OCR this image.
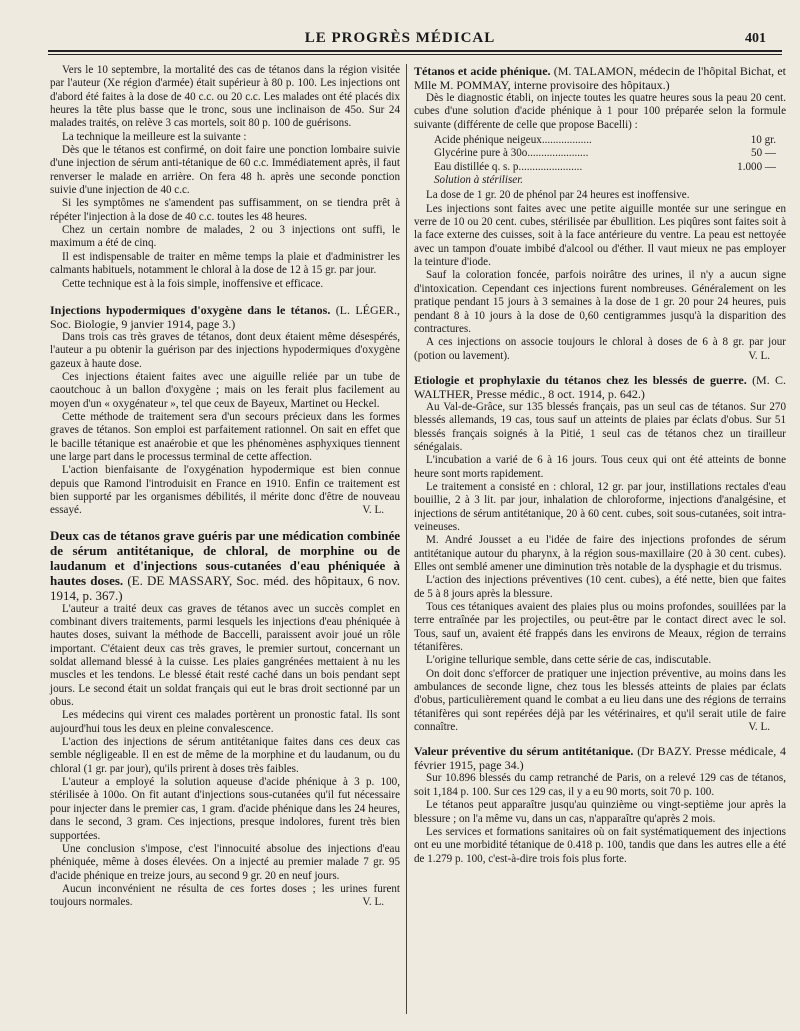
LE PROGRÈS MÉDICAL	401

Vers le 10 septembre, la mortalité des cas de tétanos dans la région visitée par l'auteur (Xe région d'armée) était supérieur à 80 p. 100. Les injections ont d'abord été faites à la dose de 40 c.c. ou 20 c.c. Les malades ont été placés dix heures la tête plus basse que le tronc, sous une inclinaison de 45o. Sur 24 malades traités, on relève 3 cas mortels, soit 80 p. 100 de guérisons.

La technique la meilleure est la suivante :

Dès que le tétanos est confirmé, on doit faire une ponction lombaire suivie d'une injection de sérum anti-tétanique de 60 c.c. Immédiatement après, il faut renverser le malade en arrière. On fera 48 h. après une seconde ponction suivie d'une injection de 40 c.c.

Si les symptômes ne s'amendent pas suffisamment, on se tiendra prêt à répéter l'injection à la dose de 40 c.c. toutes les 48 heures.

Chez un certain nombre de malades, 2 ou 3 injections ont suffi, le maximum a été de cinq.

Il est indispensable de traiter en même temps la plaie et d'administrer les calmants habituels, notamment le chloral à la dose de 12 à 15 gr. par jour.

Cette technique est à la fois simple, inoffensive et efficace.

Injections hypodermiques d'oxygène dans le tétanos. (L. LÉGER., Soc. Biologie, 9 janvier 1914, page 3.)

Dans trois cas très graves de tétanos, dont deux étaient même désespérés, l'auteur a pu obtenir la guérison par des injections hypodermiques d'oxygène gazeux à haute dose.

Ces injections étaient faites avec une aiguille reliée par un tube de caoutchouc à un ballon d'oxygène ; mais on les ferait plus facilement au moyen d'un « oxygénateur », tel que ceux de Bayeux, Martinet ou Heckel.

Cette méthode de traitement sera d'un secours précieux dans les formes graves de tétanos. Son emploi est parfaitement rationnel. On sait en effet que le bacille tétanique est anaérobie et que les phénomènes asphyxiques tiennent une large part dans le processus terminal de cette affection.

L'action bienfaisante de l'oxygénation hypodermique est bien connue depuis que Ramond l'introduisit en France en 1910. Enfin ce traitement est bien supporté par les organismes débilités, il mérite donc d'être de nouveau essayé.	V. L.

Deux cas de tétanos grave guéris par une médication combinée de sérum antitétanique, de chloral, de morphine ou de laudanum et d'injections sous-cutanées d'eau phéniquée à hautes doses. (E. DE MASSARY, Soc. méd. des hôpitaux, 6 nov. 1914, p. 367.)

L'auteur a traité deux cas graves de tétanos avec un succès complet en combinant divers traitements, parmi lesquels les injections d'eau phéniquée à hautes doses, suivant la méthode de Baccelli, paraissent avoir joué un rôle important. C'étaient deux cas très graves, le premier surtout, concernant un soldat allemand blessé à la cuisse. Les plaies gangrénées mettaient à nu les muscles et les tendons. Le blessé était resté caché dans un bois pendant sept jours. Le second était un soldat français qui eut le bras droit sectionné par un obus.

Les médecins qui virent ces malades portèrent un pronostic fatal. Ils sont aujourd'hui tous les deux en pleine convalescence.

L'action des injections de sérum antitétanique faites dans ces deux cas semble négligeable. Il en est de même de la morphine et du laudanum, ou du chloral (1 gr. par jour), qu'ils prirent à doses très faibles.

L'auteur a employé la solution aqueuse d'acide phénique à 3 p. 100, stérilisée à 100o. On fit autant d'injections sous-cutanées qu'il fut nécessaire pour injecter dans le premier cas, 1 gram. d'acide phénique dans les 24 heures, dans le second, 3 gram. Ces injections, presque indolores, furent très bien supportées.

Une conclusion s'impose, c'est l'innocuité absolue des injections d'eau phéniquée, même à doses élevées. On a injecté au premier malade 7 gr. 95 d'acide phénique en treize jours, au second 9 gr. 20 en neuf jours.

Aucun inconvénient ne résulta de ces fortes doses ; les urines furent toujours normales.	V. L.

Tétanos et acide phénique. (M. TALAMON, médecin de l'hôpital Bichat, et Mlle M. POMMAY, interne provisoire des hôpitaux.)

Dès le diagnostic établi, on injecte toutes les quatre heures sous la peau 20 cent. cubes d'une solution d'acide phénique à 1 pour 100 préparée selon la formule suivante (différente de celle que propose Bacelli) :

Acide phénique neigeux..................	10 gr.
Glycérine pure à 30o......................	50 —
Eau distillée q. s. p.......................	1.000 —
Solution à stériliser.

La dose de 1 gr. 20 de phénol par 24 heures est inoffensive.

Les injections sont faites avec une petite aiguille montée sur une seringue en verre de 10 ou 20 cent. cubes, stérilisée par ébullition. Les piqûres sont faites soit à la face externe des cuisses, soit à la face antérieure du ventre. La peau est nettoyée avec un tampon d'ouate imbibé d'alcool ou d'éther. Il vaut mieux ne pas employer la teinture d'iode.

Sauf la coloration foncée, parfois noirâtre des urines, il n'y a aucun signe d'intoxication. Cependant ces injections furent nombreuses. Généralement on les pratique pendant 15 jours à 3 semaines à la dose de 1 gr. 20 pour 24 heures, puis pendant 8 à 10 jours à la dose de 0,60 centigrammes jusqu'à la disparition des contractures.

A ces injections on associe toujours le chloral à doses de 6 à 8 gr. par jour (potion ou lavement).	V. L.

Etiologie et prophylaxie du tétanos chez les blessés de guerre. (M. C. WALTHER, Presse médic., 8 oct. 1914, p. 642.)

Au Val-de-Grâce, sur 135 blessés français, pas un seul cas de tétanos. Sur 270 blessés allemands, 19 cas, tous sauf un atteints de plaies par éclats d'obus. Sur 51 blessés français soignés à la Pitié, 1 seul cas de tétanos chez un tirailleur sénégalais.

L'incubation a varié de 6 à 16 jours. Tous ceux qui ont été atteints de bonne heure sont morts rapidement.

Le traitement a consisté en : chloral, 12 gr. par jour, instillations rectales d'eau bouillie, 2 à 3 lit. par jour, inhalation de chloroforme, injections d'analgésine, et injections de sérum antitétanique, 20 à 60 cent. cubes, soit sous-cutanées, soit intra-veineuses.

M. André Jousset a eu l'idée de faire des injections profondes de sérum antitétanique autour du pharynx, à la région sous-maxillaire (20 à 30 cent. cubes). Elles ont semblé amener une diminution très notable de la dysphagie et du trismus.

L'action des injections préventives (10 cent. cubes), a été nette, bien que faites de 5 à 8 jours après la blessure.

Tous ces tétaniques avaient des plaies plus ou moins profondes, souillées par la terre entraînée par les projectiles, ou peut-être par le contact direct avec le sol. Tous, sauf un, avaient été frappés dans les environs de Meaux, région de terrains tétanifères.

L'origine tellurique semble, dans cette série de cas, indiscutable.

On doit donc s'efforcer de pratiquer une injection préventive, au moins dans les ambulances de seconde ligne, chez tous les blessés atteints de plaies par éclats d'obus, particulièrement quand le combat a eu lieu dans une des régions de terrains tétanifères qui sont repérées déjà par les vétérinaires, et qu'il serait utile de faire connaître.	V. L.

Valeur préventive du sérum antitétanique. (Dr BAZY. Presse médicale, 4 février 1915, page 34.)

Sur 10.896 blessés du camp retranché de Paris, on a relevé 129 cas de tétanos, soit 1,184 p. 100. Sur ces 129 cas, il y a eu 90 morts, soit 70 p. 100.

Le tétanos peut apparaître jusqu'au quinzième ou vingt-septième jour après la blessure ; on l'a même vu, dans un cas, n'apparaître qu'après 2 mois.

Les services et formations sanitaires où on fait systématiquement des injections ont eu une morbidité tétanique de 0.418 p. 100, tandis que dans les autres elle a été de 1.279 p. 100, c'est-à-dire trois fois plus forte.
